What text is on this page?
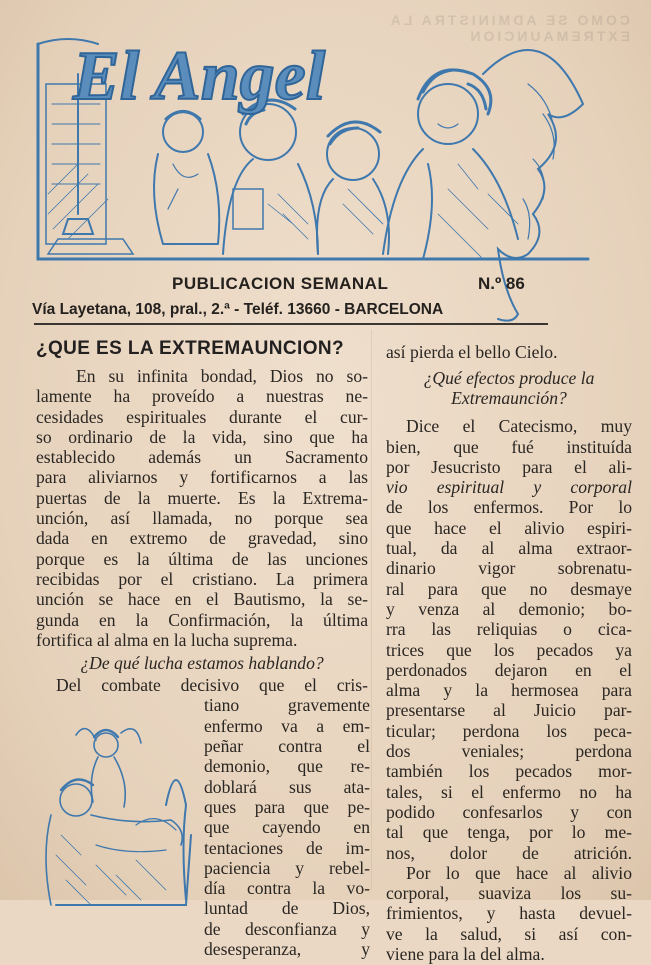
COMO SE ADMINISTRA LA EXTREMAUNCION
El Angel
PUBLICACION SEMANAL	N.º 86
Vía Layetana, 108, pral., 2.ª - Teléf. 13660 - BARCELONA
¿QUE ES LA EXTREMAUNCION?
En su infinita bondad, Dios no so-
lamente ha proveído a nuestras ne-
cesidades espirituales durante el cur-
so ordinario de la vida, sino que ha
establecido además un Sacramento
para aliviarnos y fortificarnos a las
puertas de la muerte. Es la Extrema-
unción, así llamada, no porque sea
dada en extremo de gravedad, sino
porque es la última de las unciones
recibidas por el cristiano. La primera
unción se hace en el Bautismo, la se-
gunda en la Confirmación, la última
fortifica al alma en la lucha suprema.

¿De qué lucha estamos hablando?

Del combate decisivo que el cris-

tiano gravemente
enfermo va a em-
peñar contra el
demonio, que re-
doblará sus ata-
ques para que pe-
que cayendo en
tentaciones de im-
paciencia y rebel-
día contra la vo-
luntad de Dios,
de desconfianza y
desesperanza, y

así pierda el bello Cielo.

¿Qué efectos produce la
Extremaunción?
Dice el Catecismo, muy
bien, que fué instituída
por Jesucristo para el ali-
vio espiritual y corporal
de los enfermos. Por lo
que hace el alivio espiri-
tual, da al alma extraor-
dinario vigor sobrenatu-
ral para que no desmaye
y venza al demonio; bo-
rra las reliquias o cica-
trices que los pecados ya
perdonados dejaron en el
alma y la hermosea para
presentarse al Juicio par-
ticular; perdona los peca-
dos veniales; perdona
también los pecados mor-
tales, si el enfermo no ha
podido confesarlos y con
tal que tenga, por lo me-
nos, dolor de atrición.
Por lo que hace al alivio
corporal, suaviza los su-
frimientos, y hasta devuel-
ve la salud, si así con-
viene para la del alma.
